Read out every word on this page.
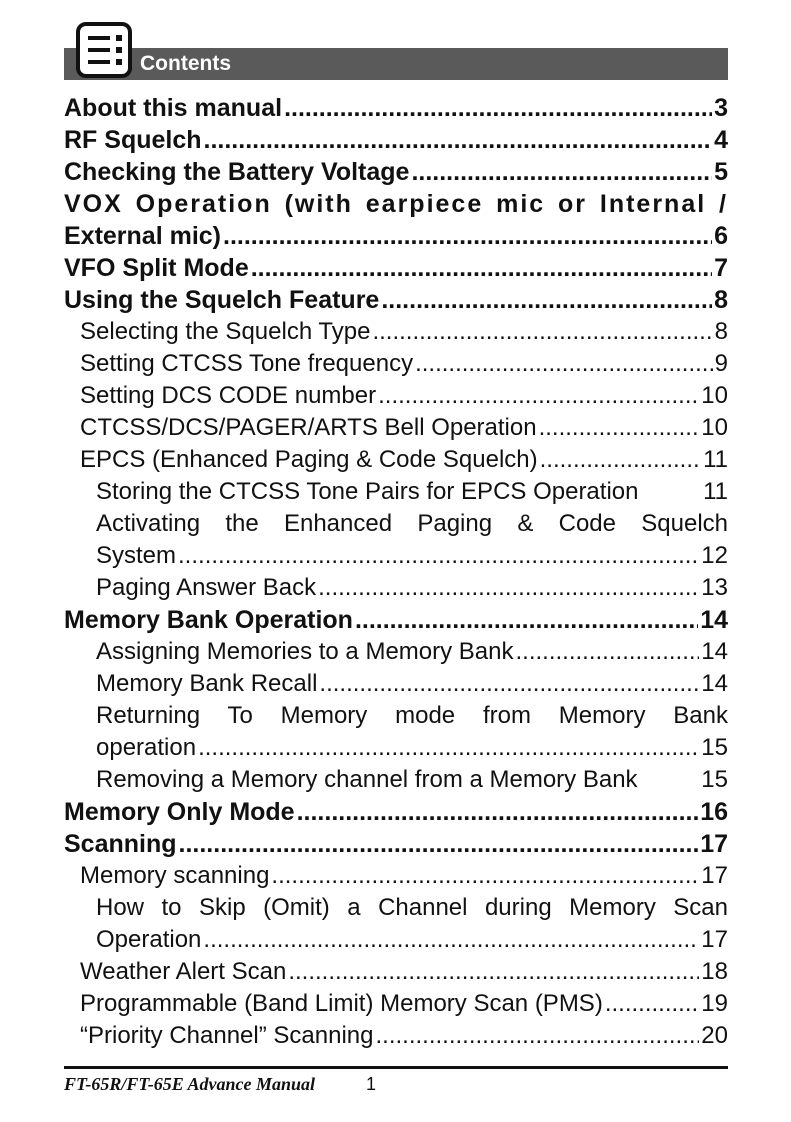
Contents
About this manual .....	3
RF Squelch .....	4
Checking the Battery Voltage .....	5
VOX Operation (with earpiece mic or Internal /
External mic) .....	6
VFO Split Mode .....	7
Using the Squelch Feature .....	8
Selecting the Squelch Type .....	8
Setting CTCSS Tone frequency .....	9
Setting DCS CODE number .....	10
CTCSS/DCS/PAGER/ARTS Bell Operation .....	10
EPCS (Enhanced Paging & Code Squelch) .....	11
Storing the CTCSS Tone Pairs for EPCS Operation	11
Activating the Enhanced Paging & Code Squelch
System .....	12
Paging Answer Back .....	13
Memory Bank Operation .....	14
Assigning Memories to a Memory Bank .....	14
Memory Bank Recall .....	14
Returning To Memory mode from Memory Bank
operation .....	15
Removing a Memory channel from a Memory Bank	15
Memory Only Mode .....	16
Scanning .....	17
Memory scanning .....	17
How to Skip (Omit) a Channel during Memory Scan
Operation .....	17
Weather Alert Scan .....	18
Programmable (Band Limit) Memory Scan (PMS) .....	19
“Priority Channel” Scanning .....	20
FT-65R/FT-65E Advance Manual	1
